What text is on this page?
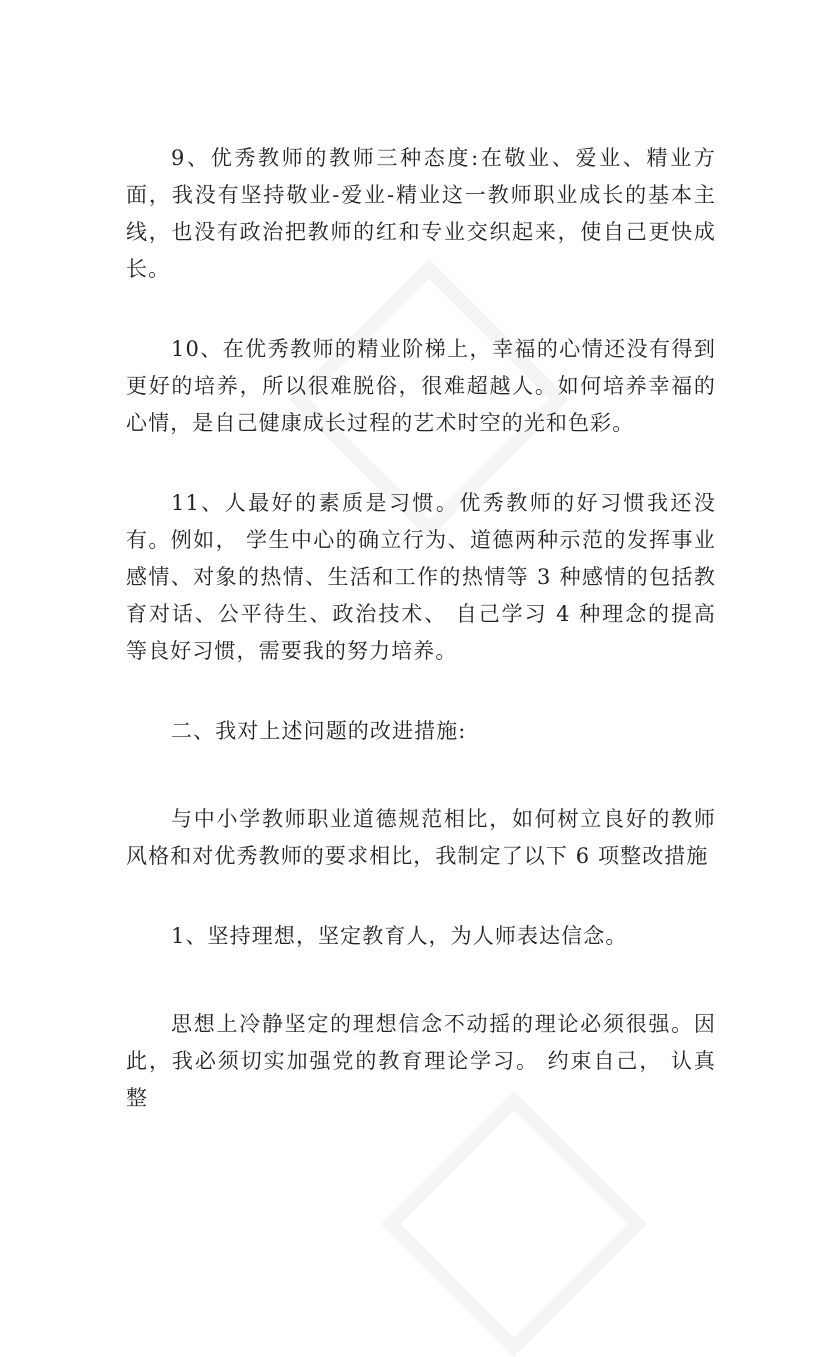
9、优秀教师的教师三种态度:在敬业、爱业、精业方面，我没有坚持敬业-爱业-精业这一教师职业成长的基本主线，也没有政治把教师的红和专业交织起来，使自己更快成长。

10、在优秀教师的精业阶梯上，幸福的心情还没有得到更好的培养，所以很难脱俗，很难超越人。如何培养幸福的心情，是自己健康成长过程的艺术时空的光和色彩。

11、人最好的素质是习惯。优秀教师的好习惯我还没有。例如， 学生中心的确立行为、道德两种示范的发挥事业感情、对象的热情、生活和工作的热情等 3 种感情的包括教育对话、公平待生、政治技术、 自己学习 4 种理念的提高等良好习惯，需要我的努力培养。

二、我对上述问题的改进措施:

与中小学教师职业道德规范相比，如何树立良好的教师风格和对优秀教师的要求相比，我制定了以下 6 项整改措施

1、坚持理想，坚定教育人，为人师表达信念。

思想上冷静坚定的理想信念不动摇的理论必须很强。因此，我必须切实加强党的教育理论学习。 约束自己， 认真整
